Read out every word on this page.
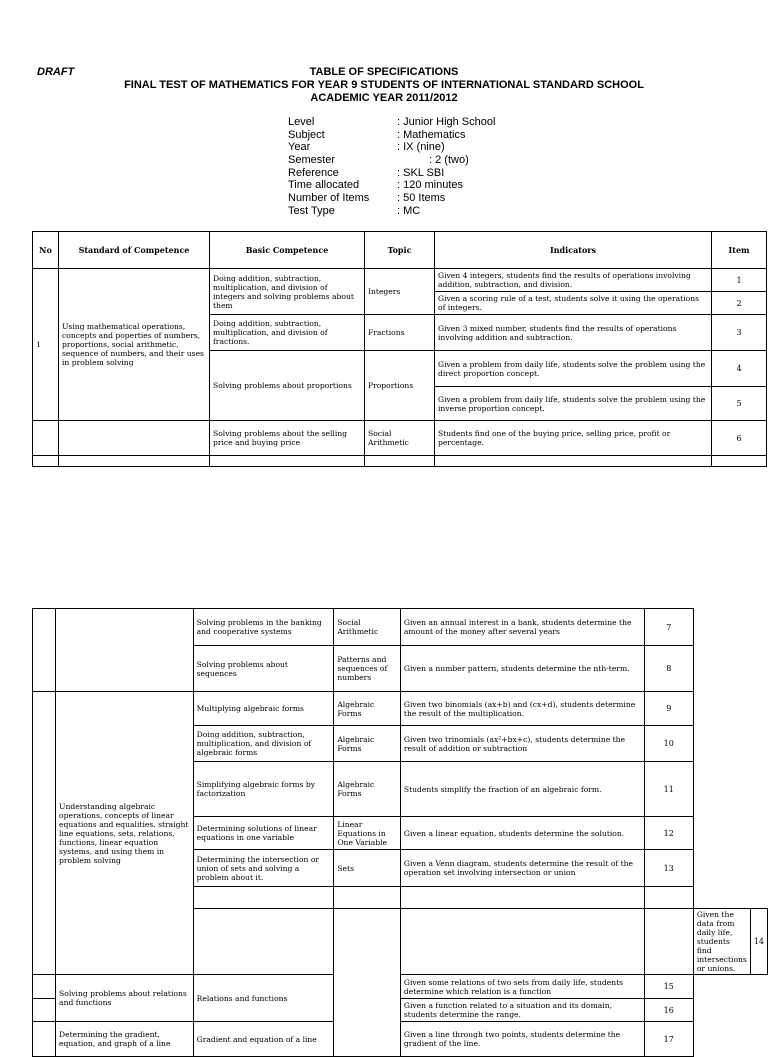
DRAFT	TABLE OF SPECIFICATIONS
FINAL TEST OF MATHEMATICS FOR YEAR 9 STUDENTS OF INTERNATIONAL STANDARD SCHOOL
ACADEMIC YEAR 2011/2012
Level	: Junior High School
Subject	: Mathematics
Year	: IX (nine)
Semester	: 2 (two)
Reference	: SKL SBI
Time allocated	: 120 minutes
Number of Items	: 50 Items
Test Type	: MC
No	Standard of Competence	Basic Competence	Topic	Indicators	Item
1	Using mathematical operations, concepts and poperties of numbers, proportions, social arithmetic, sequence of numbers, and their uses in problem solving	Doing addition, subtraction, multiplication, and division of integers and solving problems about them	Integers	Given 4 integers, students find the results of operations involving addition, subtraction, and division.	1
				Given a scoring rule of a test, students solve it using the operations of integers.	2
		Doing addition, subtraction, multiplication, and division of fractions.	Fractions	Given 3 mixed number, students find the results of operations involving addition and subtraction.	3
		Solving problems about proportions	Proportions	Given a problem from daily life, students solve the problem using the direct proportion concept.	4
				Given a problem from daily life, students solve the problem using the inverse proportion concept.	5
		Solving problems about the selling price and buying price	Social Arithmetic	Students find one of the buying price, selling price, profit or percentage.	6

		Solving problems in the banking and cooperative systems	Social Arithmetic	Given an annual interest in a bank, students determine the amount of the money after several years	7		
		Solving problems about sequences	Patterns and sequences of numbers	Given a number pattern, students determine the nth-term.	8		
	Understanding algebraic operations, concepts of linear equations and equalities, straight line equations, sets, relations, functions, linear equation systems, and using them in problem solving	Multiplying algebraic forms	Algebraic Forms	Given two binomials (ax+b) and (cx+d), students determine the result of the multiplication.	9		
		Doing addition, subtraction, multiplication, and division of algebraic forms	Algebraic Forms	Given two trinomials (ax²+bx+c), students determine the result of addition or subtraction	10		
		Simplifying algebraic forms by factorization	Algebraic Forms	Students simplify the fraction of an algebraic form.	11		
		Determining solutions of linear equations in one variable	Linear Equations in One Variable	Given a linear equation, students determine the solution.	12		
		Determining the intersection or union of sets and solving a problem about it.	Sets	Given a Venn diagram, students determine the result of the operation set involving intersection or union	13		

						Given the data from daily life, students find intersections or unions.	14
	Solving problems about relations and functions	Relations and functions		Given some relations of two sets from daily life, students determine which relation is a function	15		
				Given a function related to a situation and its domain, students determine the range.	16		
	Determining the gradient, equation, and graph of a line	Gradient and equation of a line		Given a line through two points, students determine the gradient of the line.	17		
